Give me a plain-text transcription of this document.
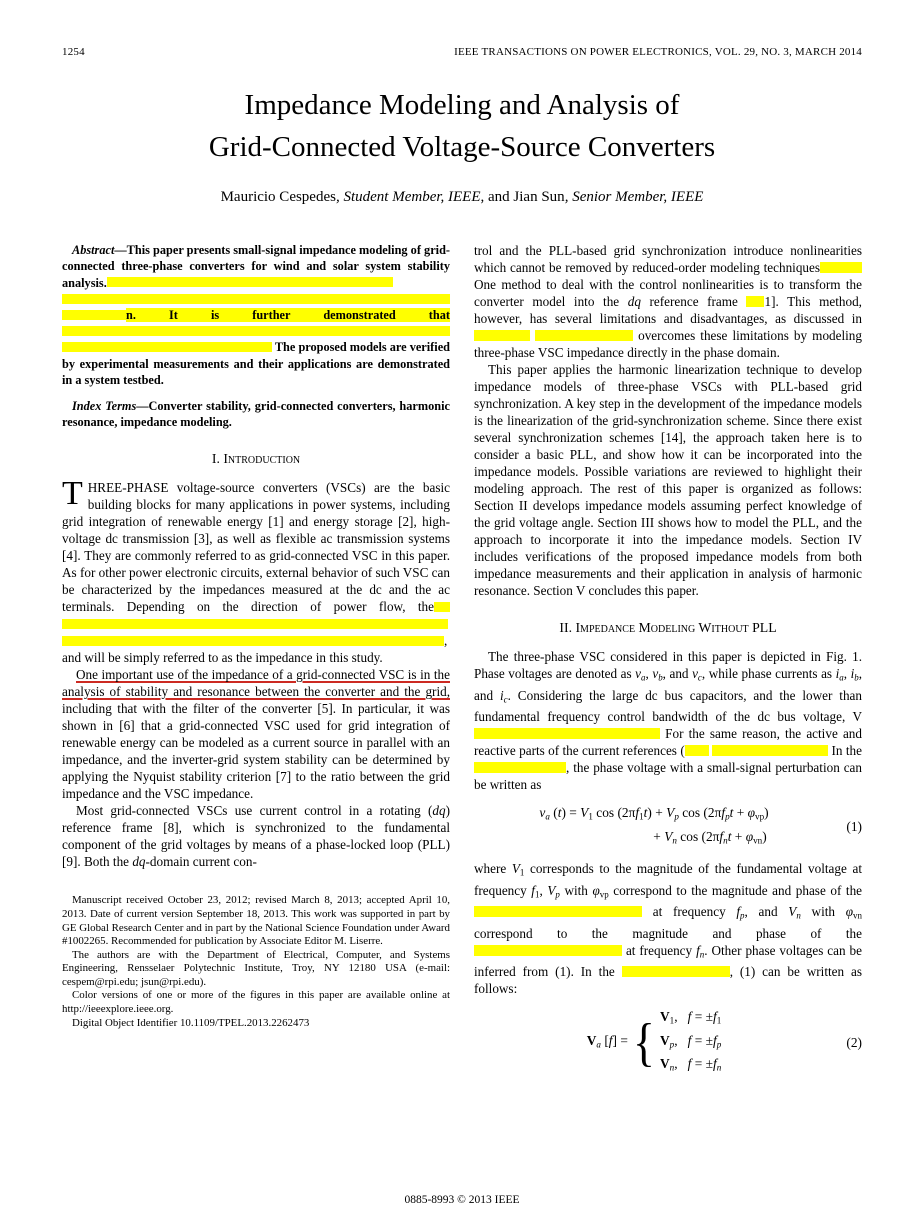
1254	IEEE TRANSACTIONS ON POWER ELECTRONICS, VOL. 29, NO. 3, MARCH 2014
Impedance Modeling and Analysis of
Grid-Connected Voltage-Source Converters
Mauricio Cespedes, Student Member, IEEE, and Jian Sun, Senior Member, IEEE

Abstract—This paper presents small-signal impedance modeling of grid-connected three-phase converters for wind and solar system stability analysis.n. It is further demonstrated that The proposed models are verified by experimental measurements and their applications are demonstrated in a system testbed.

Index Terms—Converter stability, grid-connected converters, harmonic resonance, impedance modeling.

I. Introduction

THREE-PHASE voltage-source converters (VSCs) are the basic building blocks for many applications in power systems, including grid integration of renewable energy [1] and energy storage [2], high-voltage dc transmission [3], as well as flexible ac transmission systems [4]. They are commonly referred to as grid-connected VSC in this paper. As for other power electronic circuits, external behavior of such VSC can be characterized by the impedances measured at the dc and the ac terminals. Depending on the direction of power flow, the, and will be simply referred to as the impedance in this study.

One important use of the impedance of a grid-connected VSC is in the analysis of stability and resonance between the converter and the grid, including that with the filter of the converter [5]. In particular, it was shown in [6] that a grid-connected VSC used for grid integration of renewable energy can be modeled as a current source in parallel with an impedance, and the inverter-grid system stability can be determined by applying the Nyquist stability criterion [7] to the ratio between the grid impedance and the VSC impedance.

Most grid-connected VSCs use current control in a rotating (dq) reference frame [8], which is synchronized to the fundamental component of the grid voltages by means of a phase-locked loop (PLL) [9]. Both the dq-domain current con-

Manuscript received October 23, 2012; revised March 8, 2013; accepted April 10, 2013. Date of current version September 18, 2013. This work was supported in part by GE Global Research Center and in part by the National Science Foundation under Award #1002265. Recommended for publication by Associate Editor M. Liserre.

The authors are with the Department of Electrical, Computer, and Systems Engineering, Rensselaer Polytechnic Institute, Troy, NY 12180 USA (e-mail: cespem@rpi.edu; jsun@rpi.edu).

Color versions of one or more of the figures in this paper are available online at http://ieeexplore.ieee.org.

Digital Object Identifier 10.1109/TPEL.2013.2262473

trol and the PLL-based grid synchronization introduce nonlinearities which cannot be removed by reduced-order modeling techniques One method to deal with the control nonlinearities is to transform the converter model into the dq reference frame 1]. This method, however, has several limitations and disadvantages, as discussed in   overcomes these limitations by modeling three-phase VSC impedance directly in the phase domain.

This paper applies the harmonic linearization technique to develop impedance models of three-phase VSCs with PLL-based grid synchronization. A key step in the development of the impedance models is the linearization of the grid-synchronization scheme. Since there exist several synchronization schemes [14], the approach taken here is to consider a basic PLL, and show how it can be incorporated into the impedance models. Possible variations are reviewed to highlight their modeling approach. The rest of this paper is organized as follows: Section II develops impedance models assuming perfect knowledge of the grid voltage angle. Section III shows how to model the PLL, and the approach to incorporate it into the impedance models. Section IV includes verifications of the proposed impedance models from both impedance measurements and their application in analysis of harmonic resonance. Section V concludes this paper.

II. Impedance Modeling Without PLL

The three-phase VSC considered in this paper is depicted in Fig. 1. Phase voltages are denoted as $v_a$, $v_b$, and $v_c$, while phase currents as $i_a$, $i_b$, and $i_c$. Considering the large dc bus capacitors, and the lower than fundamental frequency control bandwidth of the dc bus voltage, V For the same reason, the active and reactive parts of the current references (	In the , the phase voltage with a small-signal perturbation can be written as

$v_a$ $(t) = V_1$ $\cos (2\pi f_1t) + V_p$ $\cos (2\pi f_pt + \varphi_{vp})$
+ $V_n$ $\cos (2\pi f_nt + \varphi_{vn})$
(1)

where $V_1$ corresponds to the magnitude of the fundamental voltage at frequency $f_1$, $V_p$ with $\varphi_{vp}$ correspond to the magnitude and phase of the  at frequency $f_p$, and $V_n$ with $\varphi_{vn}$ correspond to the magnitude and phase of the  at frequency $f_n$. Other phase voltages can be inferred from (1). In the	, (1) can be written as follows:

$V_a$ [f] = { $V_1$,   $f = \pm f_1$
$V_p$,   $f = \pm f_p$
$V_n$,   $f = \pm f_n$
(2)
0885-8993 © 2013 IEEE
